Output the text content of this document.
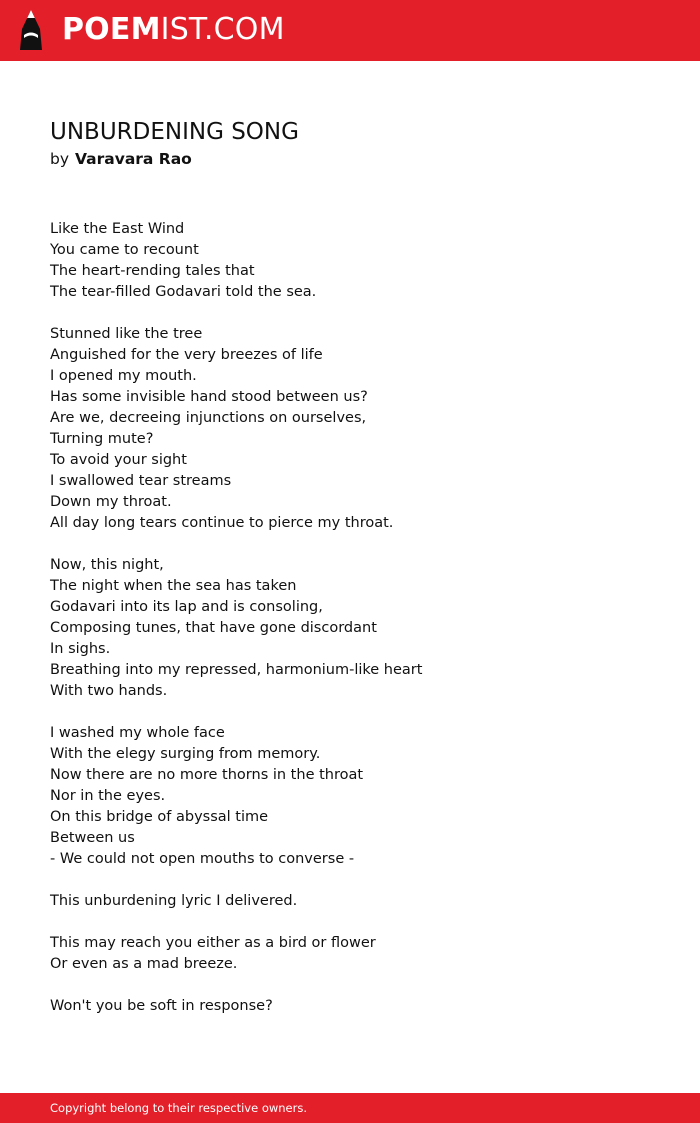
POEMIST.COM
UNBURDENING SONG
by Varavara Rao
Like the East Wind
You came to recount
The heart-rending tales that
The tear-filled Godavari told the sea.
Stunned like the tree
Anguished for the very breezes of life
I opened my mouth.
Has some invisible hand stood between us?
Are we, decreeing injunctions on ourselves,
Turning mute?
To avoid your sight
I swallowed tear streams
Down my throat.
All day long tears continue to pierce my throat.
Now, this night,
The night when the sea has taken
Godavari into its lap and is consoling,
Composing tunes, that have gone discordant
In sighs.
Breathing into my repressed, harmonium-like heart
With two hands.
I washed my whole face
With the elegy surging from memory.
Now there are no more thorns in the throat
Nor in the eyes.
On this bridge of abyssal time
Between us
- We could not open mouths to converse -
This unburdening lyric I delivered.
This may reach you either as a bird or flower
Or even as a mad breeze.
Won't you be soft in response?
Copyright belong to their respective owners.
